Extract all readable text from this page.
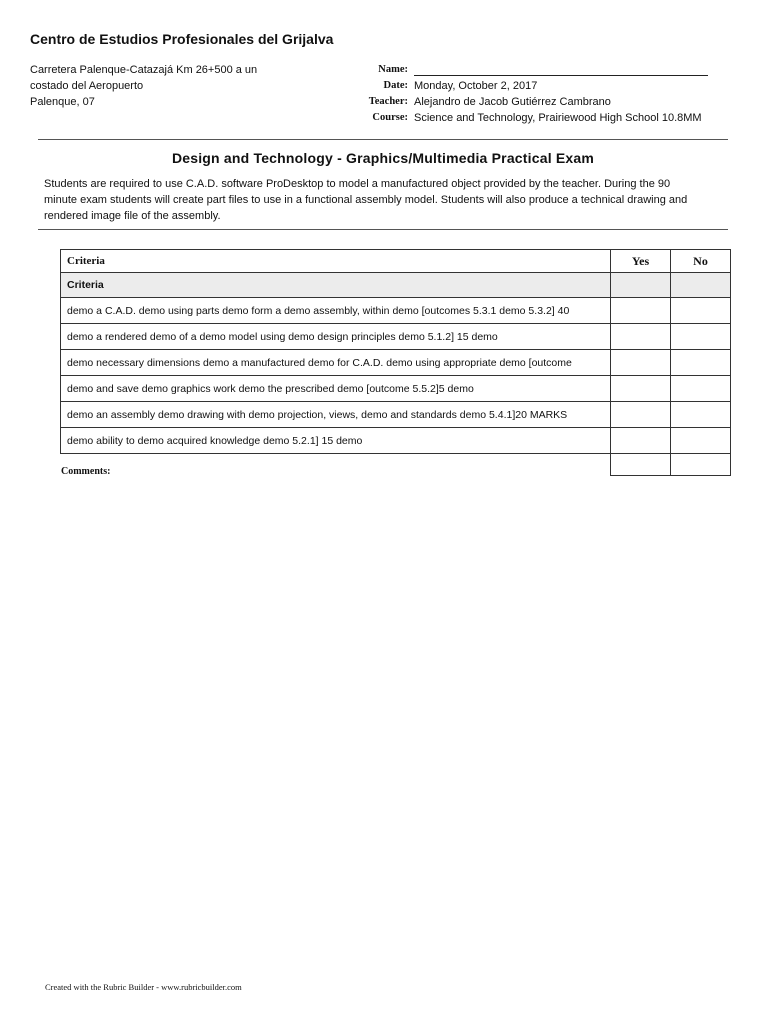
Centro de Estudios Profesionales del Grijalva
Carretera Palenque-Catazajá Km 26+500 a un
costado del Aeropuerto
Palenque, 07
Name:
Date: Monday, October 2, 2017
Teacher: Alejandro de Jacob Gutiérrez Cambrano
Course: Science and Technology, Prairiewood High School 10.8MM
Design and Technology - Graphics/Multimedia Practical Exam
Students are required to use C.A.D. software ProDesktop to model a manufactured object provided by the teacher. During the 90 minute exam students will create part files to use in a functional assembly model. Students will also produce a technical drawing and rendered image file of the assembly.
Criteria	Yes	No
Criteria		
demo a C.A.D. demo using parts demo form a demo assembly, within demo [outcomes 5.3.1 demo 5.3.2] 40		
demo a rendered demo of a demo model using demo design principles demo 5.1.2] 15 demo		
demo necessary dimensions demo a manufactured demo for C.A.D. demo using appropriate demo [outcome		
demo and save demo graphics work demo the prescribed demo [outcome 5.5.2]5 demo		
demo an assembly demo drawing with demo projection, views, demo and standards demo 5.4.1]20 MARKS		
demo ability to demo acquired knowledge demo 5.2.1] 15 demo		

Comments:
Created with the Rubric Builder - www.rubricbuilder.com
